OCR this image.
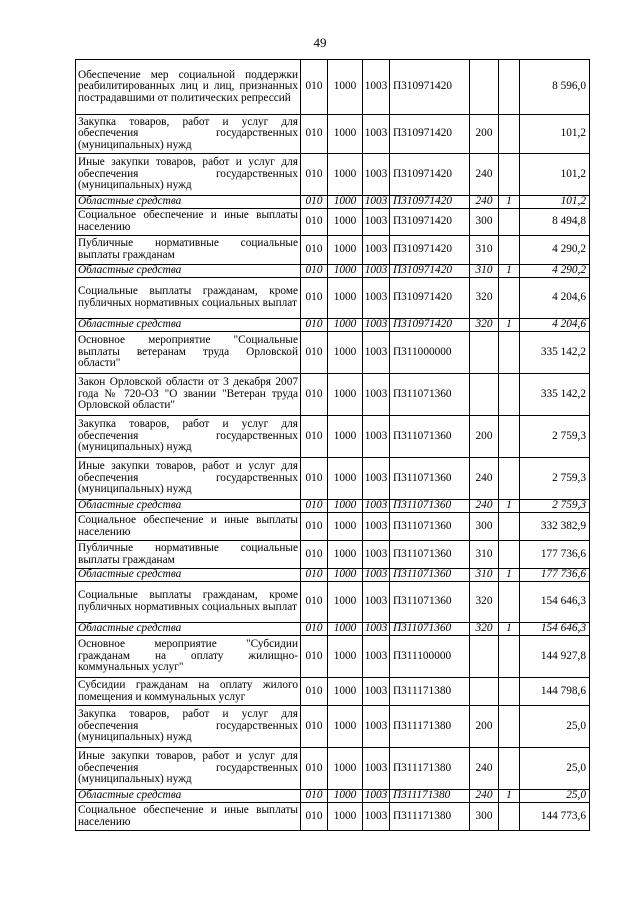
49
Обеспечение мер социальной поддержки реабилитированных лиц и лиц, признанных пострадавшими от политических репрессий	010	1000	1003	П310971420			8 596,0
Закупка товаров, работ и услуг для обеспечения государственных (муниципальных) нужд	010	1000	1003	П310971420	200		101,2
Иные закупки товаров, работ и услуг для обеспечения государственных (муниципальных) нужд	010	1000	1003	П310971420	240		101,2
Областные средства	010	1000	1003	П310971420	240	1	101,2
Социальное обеспечение и иные выплаты населению	010	1000	1003	П310971420	300		8 494,8
Публичные нормативные социальные выплаты гражданам	010	1000	1003	П310971420	310		4 290,2
Областные средства	010	1000	1003	П310971420	310	1	4 290,2
Социальные выплаты гражданам, кроме публичных нормативных социальных выплат	010	1000	1003	П310971420	320		4 204,6
Областные средства	010	1000	1003	П310971420	320	1	4 204,6
Основное мероприятие "Социальные выплаты ветеранам труда Орловской области"	010	1000	1003	П311000000			335 142,2
Закон Орловской области от 3 декабря 2007 года № 720-ОЗ "О звании "Ветеран труда Орловской области"	010	1000	1003	П311071360			335 142,2
Закупка товаров, работ и услуг для обеспечения государственных (муниципальных) нужд	010	1000	1003	П311071360	200		2 759,3
Иные закупки товаров, работ и услуг для обеспечения государственных (муниципальных) нужд	010	1000	1003	П311071360	240		2 759,3
Областные средства	010	1000	1003	П311071360	240	1	2 759,3
Социальное обеспечение и иные выплаты населению	010	1000	1003	П311071360	300		332 382,9
Публичные нормативные социальные выплаты гражданам	010	1000	1003	П311071360	310		177 736,6
Областные средства	010	1000	1003	П311071360	310	1	177 736,6
Социальные выплаты гражданам, кроме публичных нормативных социальных выплат	010	1000	1003	П311071360	320		154 646,3
Областные средства	010	1000	1003	П311071360	320	1	154 646,3
Основное мероприятие "Субсидии гражданам на оплату жилищно-коммунальных услуг"	010	1000	1003	П311100000			144 927,8
Субсидии гражданам на оплату жилого помещения и коммунальных услуг	010	1000	1003	П311171380			144 798,6
Закупка товаров, работ и услуг для обеспечения государственных (муниципальных) нужд	010	1000	1003	П311171380	200		25,0
Иные закупки товаров, работ и услуг для обеспечения государственных (муниципальных) нужд	010	1000	1003	П311171380	240		25,0
Областные средства	010	1000	1003	П311171380	240	1	25,0
Социальное обеспечение и иные выплаты населению	010	1000	1003	П311171380	300		144 773,6
